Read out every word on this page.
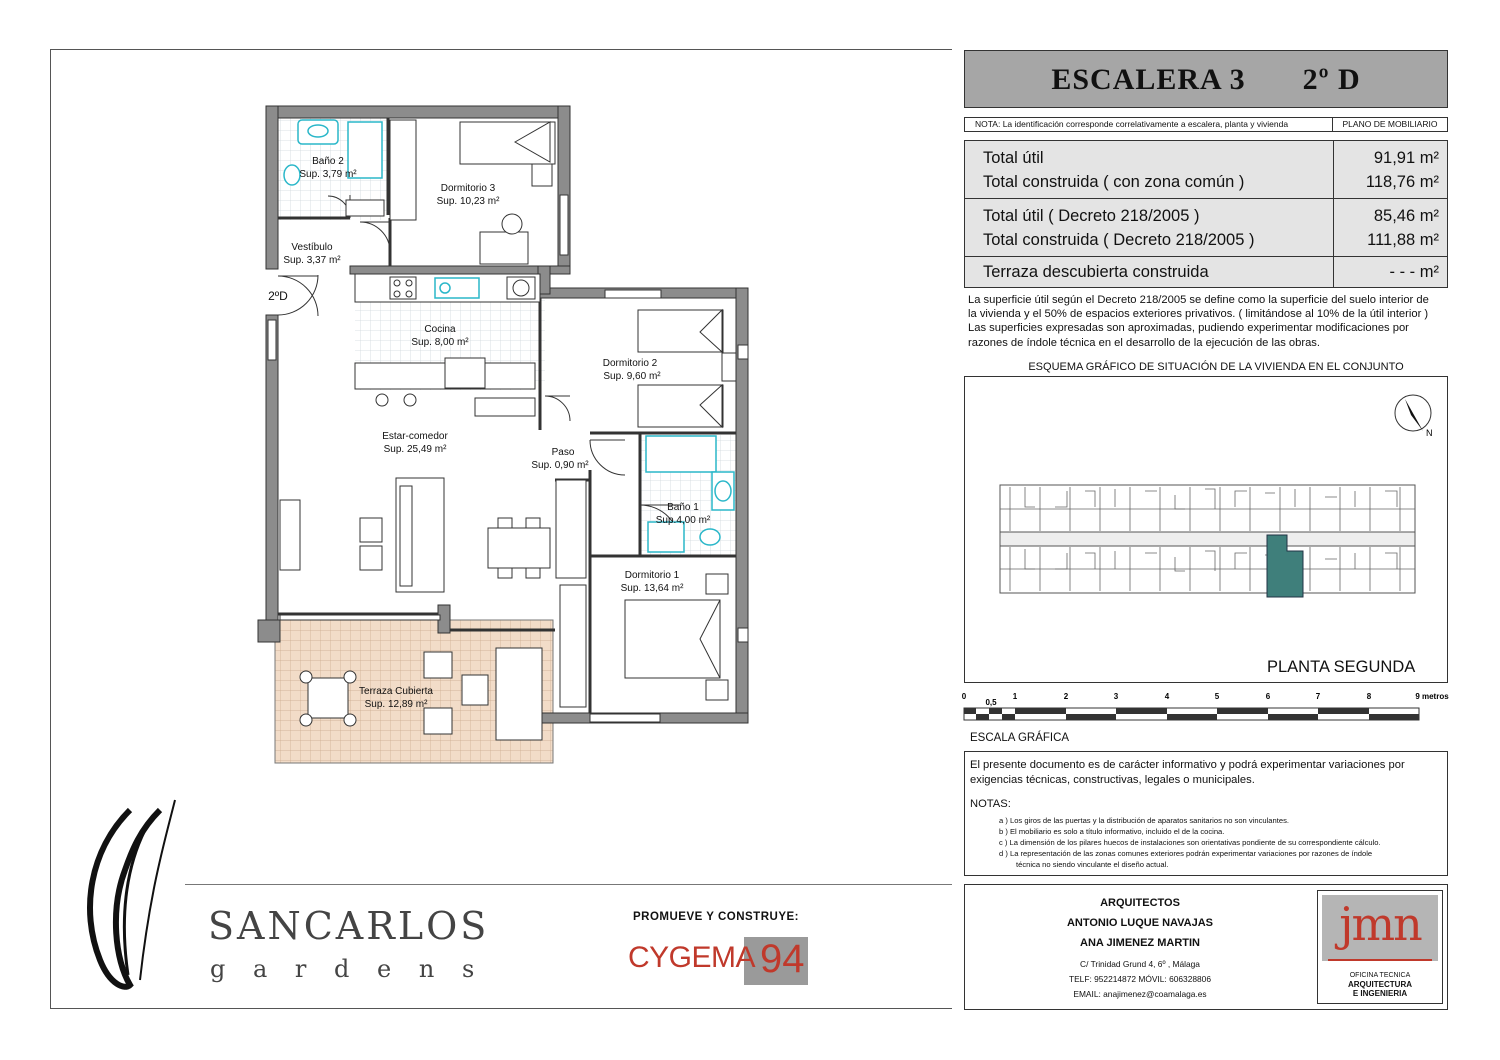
Baño 2
Sup. 3,79 m²
Dormitorio 3
Sup. 10,23 m²
Vestíbulo
Sup. 3,37 m²
Cocina
Sup. 8,00 m²
Dormitorio 2
Sup. 9,60 m²
Estar-comedor
Sup. 25,49 m²	Paso
Sup. 0,90 m²
Baño 1
Sup.4,00 m²
Dormitorio 1
Sup. 13,64 m²
Terraza Cubierta
Sup. 12,89 m²
2ºD
SANCARLOS
g a r d e n s
PROMUEVE Y CONSTRUYE:
CYGEMA 94
ESCALERA 3 2º D
NOTA: La identificación corresponde correlativamente a escalera, planta y vivienda	PLANO DE MOBILIARIO
Total útil	91,91 m²
Total construida ( con zona común )	118,76 m²
Total útil ( Decreto 218/2005 )	85,46 m²
Total construida ( Decreto 218/2005 )	111,88 m²
Terraza descubierta construida	- - - m²
La superficie útil según el Decreto 218/2005 se define como la superficie del suelo interior de
la vivienda y el 50% de espacios exteriores privativos. ( limitándose al 10% de la útil interior )
Las superficies expresadas son aproximadas, pudiendo experimentar modificaciones por
razones de índole técnica en el desarrollo de la ejecución de las obras.
ESQUEMA GRÁFICO DE SITUACIÓN DE LA VIVIENDA EN EL CONJUNTO
N
PLANTA SEGUNDA
0
0,5
1	2	3	4	5	6	7	8	9 metros
ESCALA GRÁFICA
El presente documento es de carácter informativo y podrá experimentar variaciones por
exigencias técnicas, constructivas, legales o municipales.
NOTAS:
a ) Los giros de las puertas y la distribución de aparatos sanitarios no son vinculantes.
b ) El mobiliario es solo a título informativo, incluido el de la cocina.
c ) La dimensión de los pilares huecos de instalaciones son orientativas pondiente de su correspondiente cálculo.
d ) La representación de las zonas comunes exteriores podrán experimentar variaciones por razones de índole
técnica no siendo vinculante el diseño actual.
ARQUITECTOS
ANTONIO LUQUE NAVAJAS
ANA JIMENEZ MARTIN
C/ Trinidad Grund 4, 6º , Málaga
TELF: 952214872 MÓVIL: 606328806
EMAIL: anajimenez@coamalaga.es
jmn
OFICINA TECNICA
ARQUITECTURA
E INGENIERIA
